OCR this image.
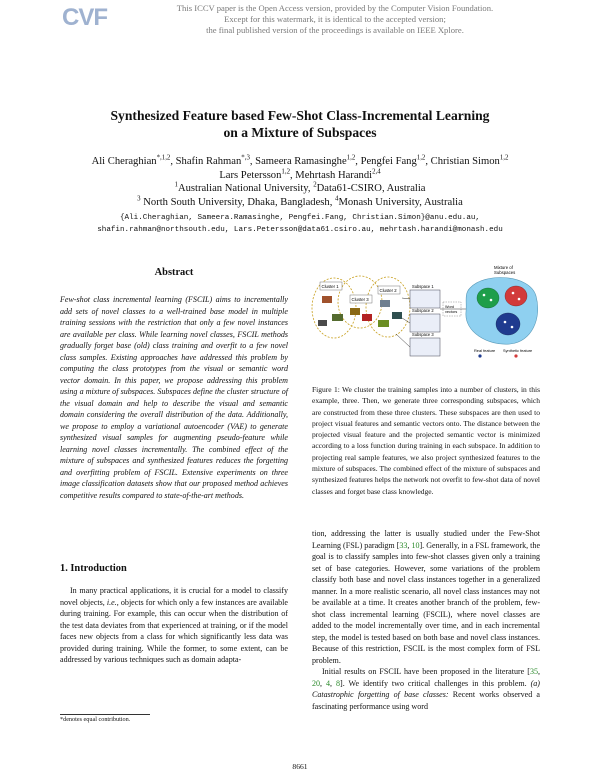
CVF	This ICCV paper is the Open Access version, provided by the Computer Vision Foundation.
Except for this watermark, it is identical to the accepted version;
the final published version of the proceedings is available on IEEE Xplore.
Synthesized Feature based Few-Shot Class-Incremental Learning
on a Mixture of Subspaces
Ali Cheraghian$^{*,1,2}$, Shafin Rahman$^{*,3}$, Sameera Ramasinghe$^{1,2}$, Pengfei Fang$^{1,2}$, Christian Simon$^{1,2}$
Lars Petersson$^{1,2}$, Mehrtash Harandi$^{2,4}$
$^1$Australian National University, $^2$Data61-CSIRO, Australia
$^3$ North South University, Dhaka, Bangladesh, $^4$Monash University, Australia
{Ali.Cheraghian, Sameera.Ramasinghe, Pengfei.Fang, Christian.Simon}@anu.edu.au,
shafin.rahman@northsouth.edu, Lars.Petersson@data61.csiro.au, mehrtash.harandi@monash.edu
Abstract
Few-shot class incremental learning (FSCIL) aims to incrementally add sets of novel classes to a well-trained base model in multiple training sessions with the restriction that only a few novel instances are available per class. While learning novel classes, FSCIL methods gradually forget base (old) class training and overfit to a few novel class samples. Existing approaches have addressed this problem by computing the class prototypes from the visual or semantic word vector domain. In this paper, we propose addressing this problem using a mixture of subspaces. Subspaces define the cluster structure of the visual domain and help to describe the visual and semantic domain considering the overall distribution of the data. Additionally, we propose to employ a variational autoencoder (VAE) to generate synthesized visual samples for augmenting pseudo-feature while learning novel classes incrementally. The combined effect of the mixture of subspaces and synthesized features reduces the forgetting and overfitting problem of FSCIL. Extensive experiments on three image classification datasets show that our proposed method achieves competitive results compared to state-of-the-art methods.
1. Introduction
In many practical applications, it is crucial for a model to classify novel objects, i.e., objects for which only a few instances are available during training. For example, this can occur when the distribution of the test data deviates from that experienced at training, or if the model faces new objects from a class for which significantly less data was provided during training. While the former, to some extent, can be addressed by various techniques such as domain adapta-
*denotes equal contribution.
Cluster 1
Cluster 2
Cluster 3
Subspace 1
Subspace 2
Subspace 3
Word
vectors
Mixture of
Subspaces
Real feature Synthetic feature
Figure 1: We cluster the training samples into a number of clusters, in this example, three. Then, we generate three corresponding subspaces, which are constructed from these three clusters. These subspaces are then used to project visual features and semantic vectors onto. The distance between the projected visual feature and the projected semantic vector is minimized according to a loss function during training in each subspace. In addition to projecting real sample features, we also project synthesized features to the mixture of subspaces. The combined effect of the mixture of subspaces and synthesized features helps the network not overfit to few-shot data of novel classes and forget base class knowledge.

tion, addressing the latter is usually studied under the Few-Shot Learning (FSL) paradigm [33, 10]. Generally, in a FSL framework, the goal is to classify samples into few-shot classes given only a training set of base categories. However, some variations of the problem classify both base and novel class instances together in a generalized manner. In a more realistic scenario, all novel class instances may not be available at a time. It creates another branch of the problem, few-shot class incremental learning (FSCIL), where novel classes are added to the model incrementally over time, and in each incremental step, the model is tested based on both base and novel class instances. Because of this restriction, FSCIL is the most complex form of FSL problem.

Initial results on FSCIL have been proposed in the literature [35, 20, 4, 8]. We identify two critical challenges in this problem. (a) Catastrophic forgetting of base classes: Recent works observed a fascinating performance using word

8661
